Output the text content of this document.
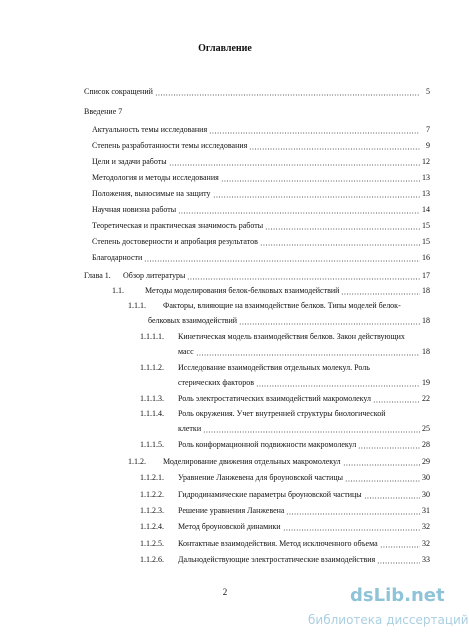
Оглавление
Список сокращений	5
Введение 7
Актуальность темы исследования	7
Степень разработанности темы исследования	9
Цели и задачи работы	12
Методология и методы исследования	13
Положения, выносимые на защиту	13
Научная новизна работы	14
Теоретическая и практическая значимость работы	15
Степень достоверности и апробация результатов	15
Благодарности	16
Глава 1. Обзор литературы	17
1.1.	Методы моделирования белок-белковых взаимодействий	18
1.1.1. Факторы, влияющие на взаимодействие белков. Типы моделей белок-
белковых взаимодействий	18
1.1.1.1. Кинетическая модель взаимодействия белков. Закон действующих
масс	18
1.1.1.2. Исследование взаимодействия отдельных молекул. Роль
стерических факторов	19
1.1.1.3. Роль электростатических взаимодействий макромолекул	22
1.1.1.4. Роль окружения. Учет внутренней структуры биологической
клетки	25
1.1.1.5. Роль конформационной подвижности макромолекул	28
1.1.2. Моделирование движения отдельных макромолекул	29
1.1.2.1. Уравнение Ланжевена для броуновской частицы	30
1.1.2.2. Гидродинамические параметры броуновской частицы	30
1.1.2.3. Решение уравнения Ланжевена	31
1.1.2.4. Метод броуновской динамики	32
1.1.2.5. Контактные взаимодействия. Метод исключенного объема	32
1.1.2.6. Дальнодействующие электростатические взаимодействия	33
2	dsLib.net
библиотека диссертаций
